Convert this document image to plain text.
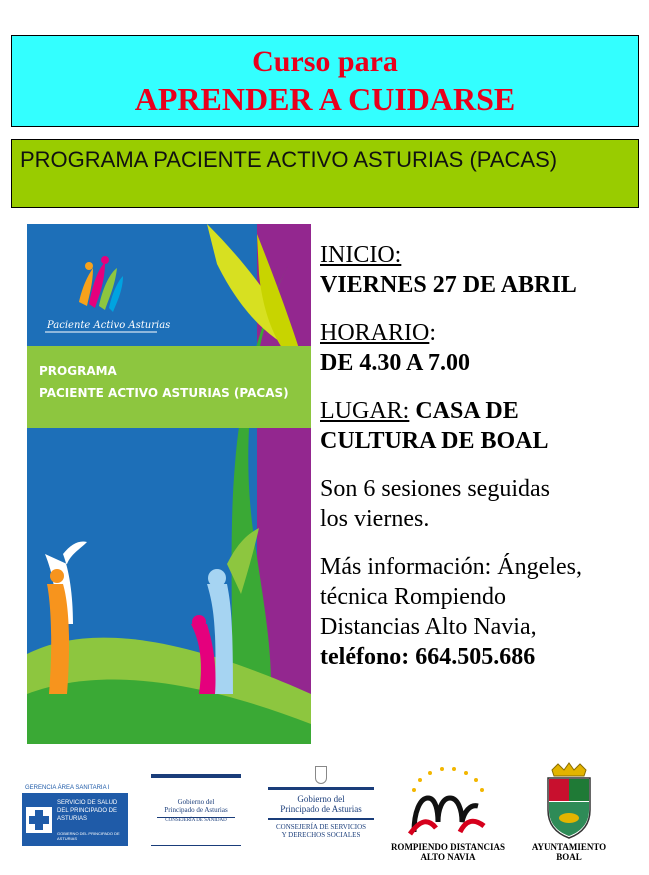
Curso para
APRENDER A CUIDARSE
PROGRAMA PACIENTE ACTIVO ASTURIAS (PACAS)
PROGRAMA
PACIENTE ACTIVO ASTURIAS (PACAS)
Paciente Activo Asturias

INICIO:

VIERNES 27 DE ABRIL

HORARIO:

DE 4.30 A 7.00

LUGAR: CASA DE

CULTURA DE BOAL

Son 6 sesiones seguidas

los viernes.

Más información: Ángeles,

técnica Rompiendo

Distancias Alto Navia,

teléfono: 664.505.686

GERENCIA ÁREA SANITARIA I
SERVICIO DE SALUD
DEL PRINCIPADO DE ASTURIAS
GOBIERNO DEL PRINCIPADO DE ASTURIAS
Gobierno del
Principado de Asturias
CONSEJERÍA DE SANIDAD
Gobierno del
Principado de Asturias
CONSEJERÍA DE SERVICIOS
Y DERECHOS SOCIALES
ROMPIENDO DISTANCIAS
ALTO NAVIA
AYUNTAMIENTO
BOAL
